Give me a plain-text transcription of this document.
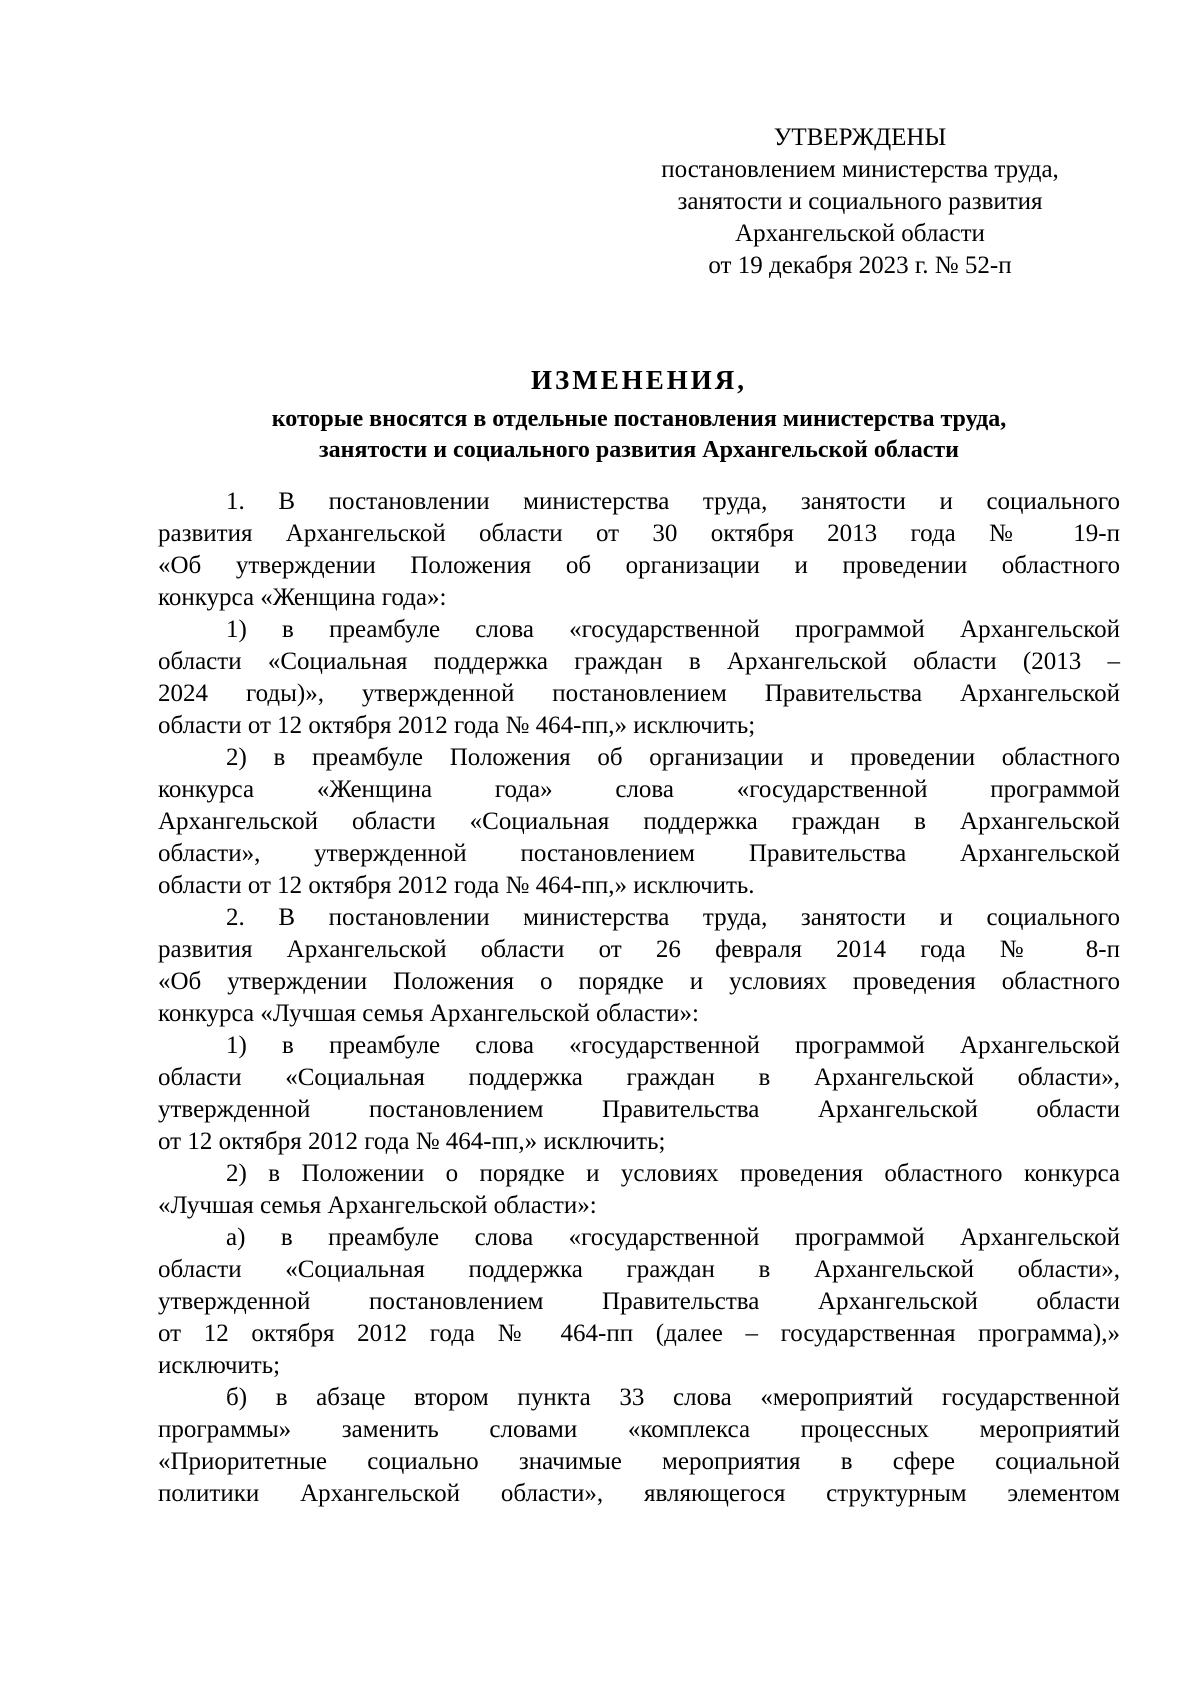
УТВЕРЖДЕНЫ
постановлением министерства труда,
занятости и социального развития
Архангельской области
от 19 декабря 2023 г. № 52-п
ИЗМЕНЕНИЯ,
которые вносятся в отдельные постановления министерства труда,
занятости и социального развития Архангельской области
1. В постановлении министерства труда, занятости и социального
развития Архангельской области от 30 октября 2013 года № 19-п
«Об утверждении Положения об организации и проведении областного
конкурса «Женщина года»:
1) в преамбуле слова «государственной программой Архангельской
области «Социальная поддержка граждан в Архангельской области (2013 –
2024 годы)», утвержденной постановлением Правительства Архангельской
области от 12 октября 2012 года № 464-пп,» исключить;
2) в преамбуле Положения об организации и проведении областного
конкурса «Женщина года» слова «государственной программой
Архангельской области «Социальная поддержка граждан в Архангельской
области», утвержденной постановлением Правительства Архангельской
области от 12 октября 2012 года № 464-пп,» исключить.
2. В постановлении министерства труда, занятости и социального
развития Архангельской области от 26 февраля 2014 года № 8-п
«Об утверждении Положения о порядке и условиях проведения областного
конкурса «Лучшая семья Архангельской области»:
1) в преамбуле слова «государственной программой Архангельской
области «Социальная поддержка граждан в Архангельской области»,
утвержденной постановлением Правительства Архангельской области
от 12 октября 2012 года № 464-пп,» исключить;
2) в Положении о порядке и условиях проведения областного конкурса
«Лучшая семья Архангельской области»:
а) в преамбуле слова «государственной программой Архангельской
области «Социальная поддержка граждан в Архангельской области»,
утвержденной постановлением Правительства Архангельской области
от 12 октября 2012 года № 464-пп (далее – государственная программа),»
исключить;
б) в абзаце втором пункта 33 слова «мероприятий государственной
программы» заменить словами «комплекса процессных мероприятий
«Приоритетные социально значимые мероприятия в сфере социальной
политики Архангельской области», являющегося структурным элементом
